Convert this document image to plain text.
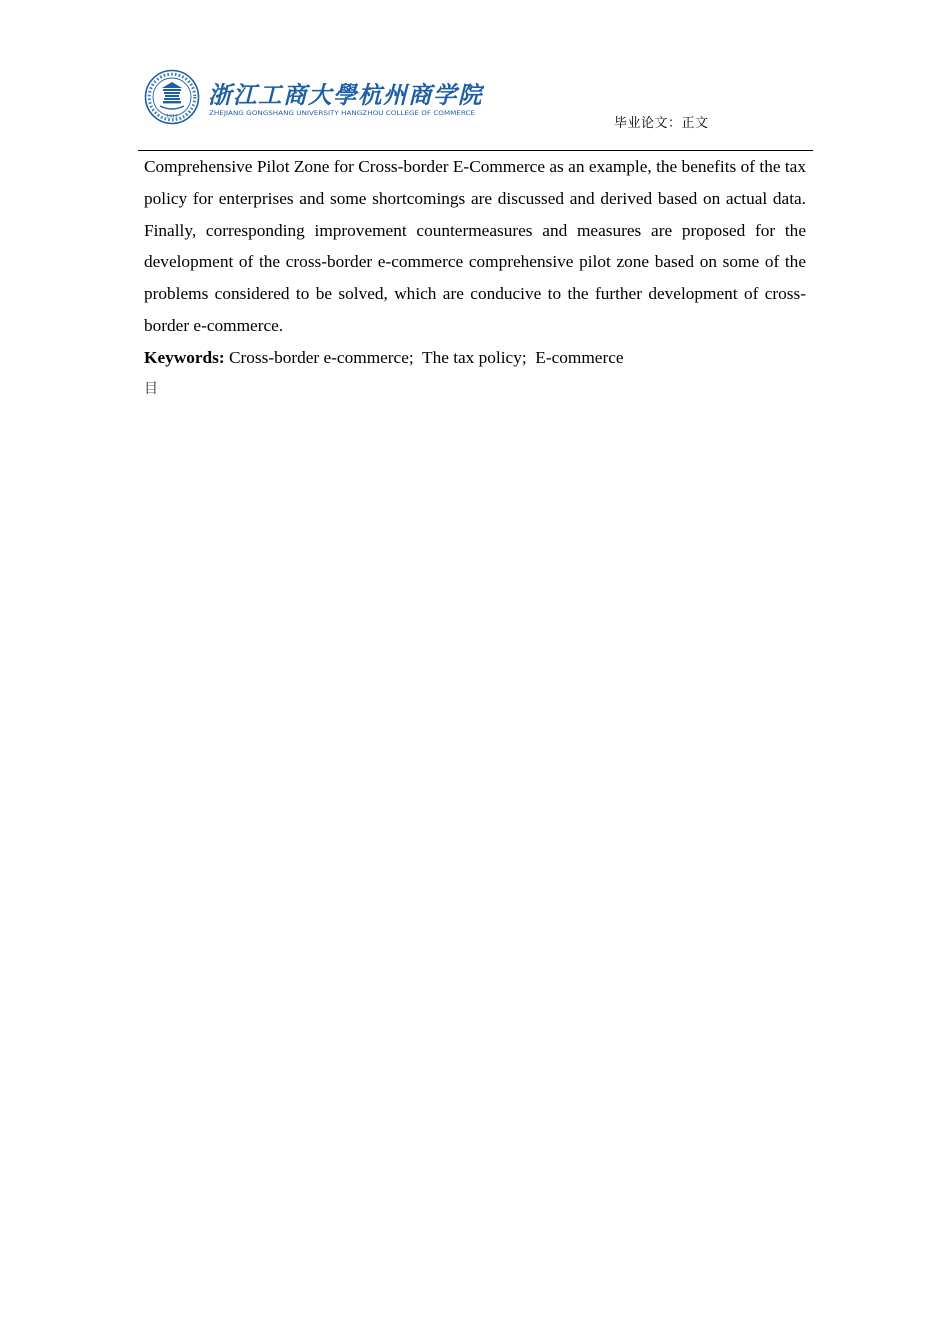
1911
浙江工商大學杭州商学院
ZHEJIANG GONGSHANG UNIVERSITY HANGZHOU COLLEGE OF COMMERCE
毕业论文：正文

Comprehensive Pilot Zone for Cross-border E-Commerce as an example, the benefits of the tax policy for enterprises and some shortcomings are discussed and derived based on actual data. Finally, corresponding improvement countermeasures and measures are proposed for the development of the cross-border e-commerce comprehensive pilot zone based on some of the problems considered to be solved, which are conducive to the further development of cross-border e-commerce.

Keywords: Cross-border e-commerce;  The tax policy;  E-commerce

目
